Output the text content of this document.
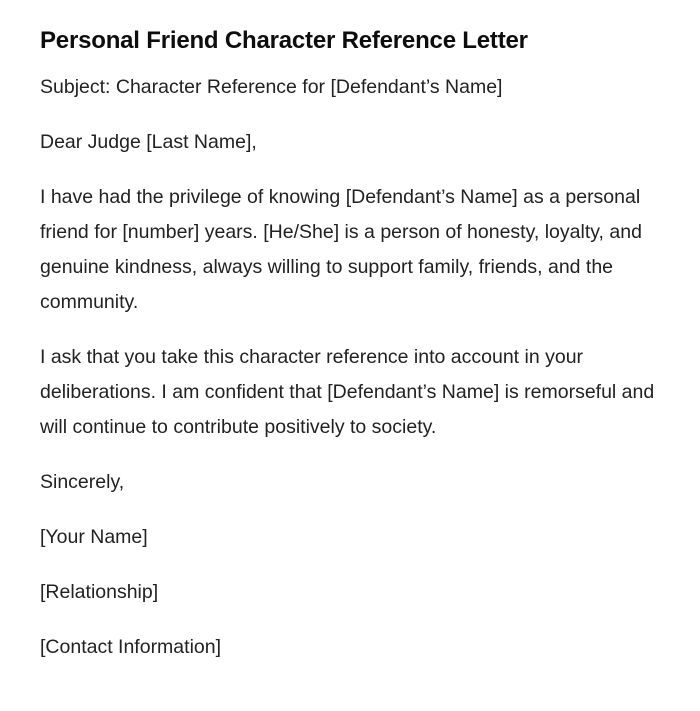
Personal Friend Character Reference Letter

Subject: Character Reference for [Defendant’s Name]

Dear Judge [Last Name],

I have had the privilege of knowing [Defendant’s Name] as a personal friend for [number] years. [He/She] is a person of honesty, loyalty, and genuine kindness, always willing to support family, friends, and the community.

I ask that you take this character reference into account in your deliberations. I am confident that [Defendant’s Name] is remorseful and will continue to contribute positively to society.

Sincerely,

[Your Name]

[Relationship]

[Contact Information]
